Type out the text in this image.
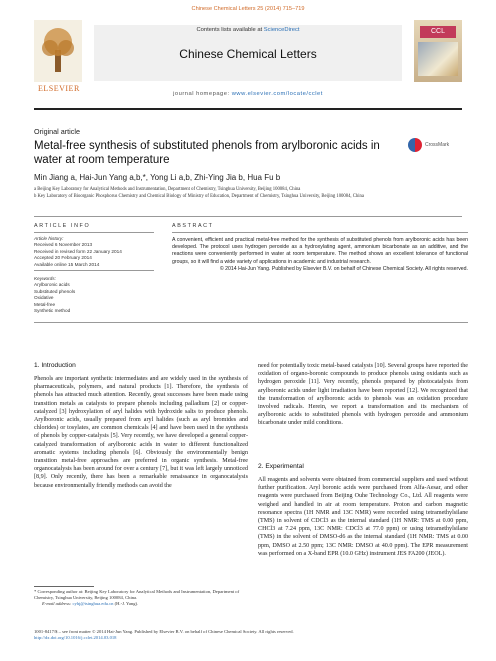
Chinese Chemical Letters 25 (2014) 715–719
ELSEVIER
Contents lists available at ScienceDirect
Chinese Chemical Letters
journal homepage: www.elsevier.com/locate/cclet
CCL
Original article
Metal-free synthesis of substituted phenols from arylboronic acids in water at room temperature
CrossMark
Min Jiang a, Hai-Jun Yang a,b,*, Yong Li a,b, Zhi-Ying Jia b, Hua Fu b
a Beijing Key Laboratory for Analytical Methods and Instrumentation, Department of Chemistry, Tsinghua University, Beijing 100084, China
b Key Laboratory of Bioorganic Phosphorus Chemistry and Chemical Biology of Ministry of Education, Department of Chemistry, Tsinghua University, Beijing 100084, China
ARTICLE INFO
Article history:
Received 6 November 2013
Received in revised form 22 January 2014
Accepted 20 February 2014
Available online 15 March 2014
Keywords:
Arylboronic acids
Substituted phenols
Oxidative
Metal-free
Synthetic method
ABSTRACT
A convenient, efficient and practical metal-free method for the synthesis of substituted phenols from arylboronic acids has been developed. The protocol uses hydrogen peroxide as a hydroxylating agent, ammonium bicarbonate as an additive, and the reactions were conveniently performed in water at room temperature. The method shows an excellent tolerance of functional groups, so it will find a wide variety of applications in academic and industrial research.
© 2014 Hai-Jun Yang. Published by Elsevier B.V. on behalf of Chinese Chemical Society. All rights reserved.
1. Introduction
Phenols are important synthetic intermediates and are widely used in the synthesis of pharmaceuticals, polymers, and natural products [1]. Therefore, the synthesis of phenols has attracted much attention. Recently, great successes have been made using transition metals as catalysts to prepare phenols including palladium [2] or copper-catalyzed [3] hydroxylation of aryl halides with hydroxide salts to produce phenols. Arylboronic acids, usually prepared from aryl halides (such as aryl bromides and chlorides) or tosylates, are common chemicals [4] and have been used in the synthesis of phenols by copper-catalysis [5]. Very recently, we have developed a general copper-catalyzed transformation of arylboronic acids in water to different functionalized aromatic systems including phenols [6]. Obviously the environmentally benign transition metal-free approaches are preferred in organic synthesis. Metal-free organocatalysis has been around for over a century [7], but it was left largely unnoticed [8,9]. Only recently, there has been a remarkable renaissance in organocatalysis because environmentally friendly methods can avoid the
need for potentially toxic metal-based catalysts [10]. Several groups have reported the oxidation of organo-boronic compounds to produce phenols using oxidants such as hydrogen peroxide [11]. Very recently, phenols prepared by photocatalysis from arylboronic acids under light irradiation have been reported [12]. We recognized that the transformation of arylboronic acids to phenols was an oxidation procedure involved radicals. Herein, we report a transformation and its mechanism of arylboronic acids to substituted phenols with hydrogen peroxide and ammonium bicarbonate under mild conditions.
2. Experimental
All reagents and solvents were obtained from commercial suppliers and used without further purification. Aryl boronic acids were purchased from Alfa-Aesar, and other reagents were purchased from Beijing Ouhe Technology Co., Ltd. All reagents were weighed and handled in air at room temperature. Proton and carbon magnetic resonance spectra (1H NMR and 13C NMR) were recorded using tetramethylsilane (TMS) in solvent of CDCl3 as the internal standard (1H NMR: TMS at 0.00 ppm, CHCl3 at 7.24 ppm, 13C NMR: CDCl3 at 77.0 ppm) or using tetramethylsilane (TMS) in the solvent of DMSO-d6 as the internal standard (1H NMR: TMS at 0.00 ppm, DMSO at 2.50 ppm; 13C NMR: DMSO at 40.0 ppm). The EPR measurement was performed on a X-band EPR (10.0 GHz) instrument JES FA200 (JEOL).
* Corresponding author at: Beijing Key Laboratory for Analytical Methods and Instrumentation, Department of Chemistry, Tsinghua University, Beijing 100084, China.
E-mail address: cyhj@tsinghua.edu.cn (H.-J. Yang).
1001-8417/$ – see front matter © 2014 Hai-Jun Yang. Published by Elsevier B.V. on behalf of Chinese Chemical Society. All rights reserved.
http://dx.doi.org/10.1016/j.cclet.2014.03.018
